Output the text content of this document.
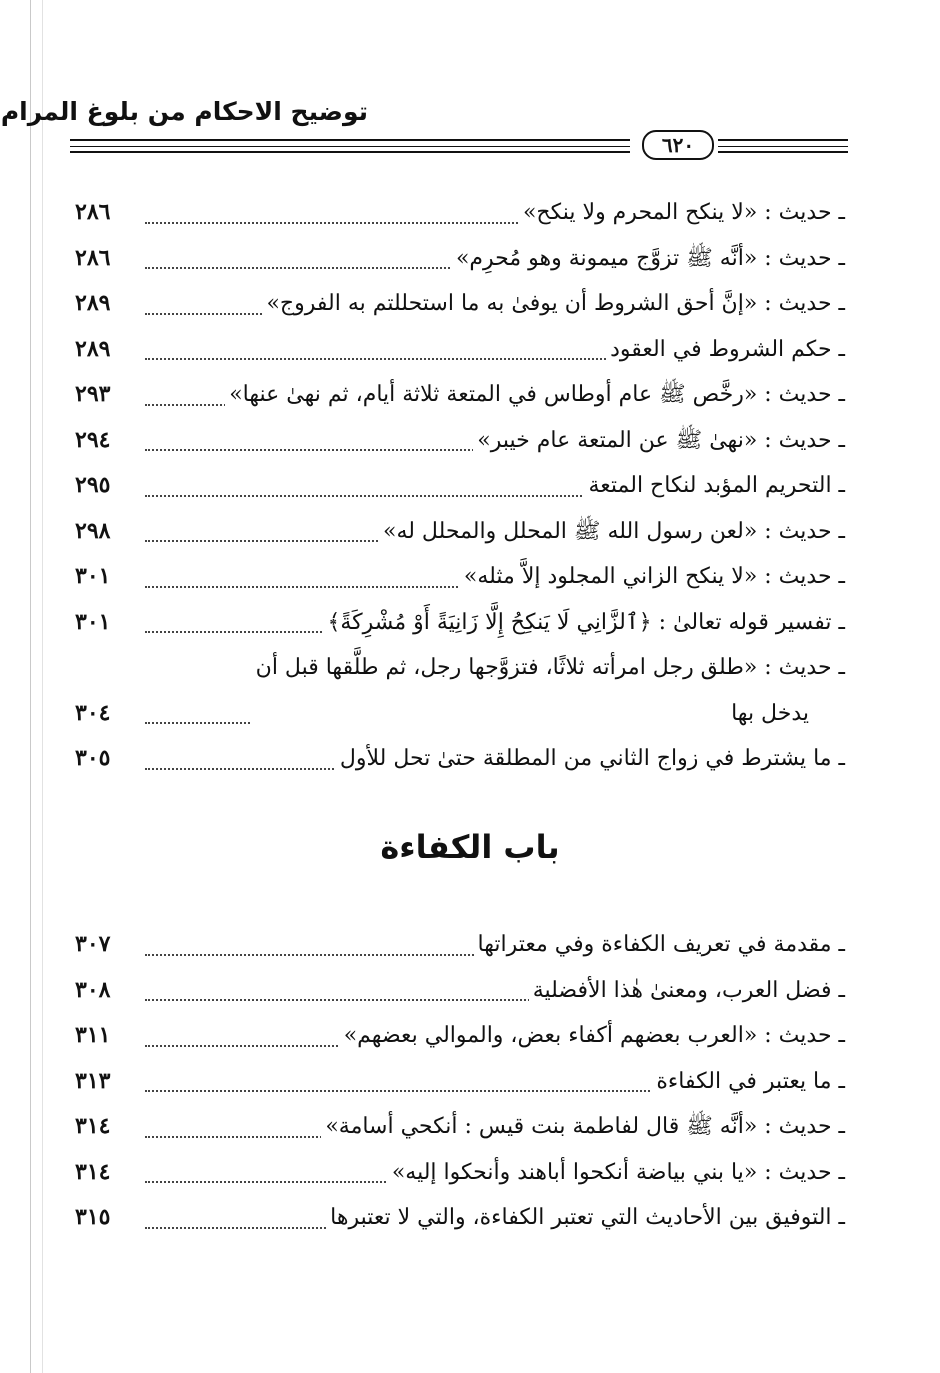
توضيح الاحكام من بلوغ المرام
٦٢٠
ـ حديث : «لا ينكح المحرم ولا ينكح»
٢٨٦
ـ حديث : «أنَّه ﷺ تزوَّج ميمونة وهو مُحرِم»
٢٨٦
ـ حديث : «إنَّ أحق الشروط أن يوفىٰ به ما استحللتم به الفروج»
٢٨٩
ـ حكم الشروط في العقود
٢٨٩
ـ حديث : «رخَّص ﷺ عام أوطاس في المتعة ثلاثة أيام، ثم نهىٰ عنها»
٢٩٣
ـ حديث : «نهىٰ ﷺ عن المتعة عام خيبر»
٢٩٤
ـ التحريم المؤبد لنكاح المتعة
٢٩٥
ـ حديث : «لعن رسول الله ﷺ المحلل والمحلل له»
٢٩٨
ـ حديث : «لا ينكح الزاني المجلود إلاَّ مثله»
٣٠١
ـ تفسير قوله تعالىٰ : ﴿ٱلزَّانِي لَا يَنكِحُ إِلَّا زَانِيَةً أَوْ مُشْرِكَةً﴾
٣٠١
ـ حديث : «طلق رجل امرأته ثلاثًا، فتزوَّجها رجل، ثم طلَّقها قبل أن
يدخل بها
٣٠٤
ـ ما يشترط في زواج الثاني من المطلقة حتىٰ تحل للأول
٣٠٥
باب الكفاءة
ـ مقدمة في تعريف الكفاءة وفي معتراتها
٣٠٧
ـ فضل العرب، ومعنىٰ هٰذا الأفضلية
٣٠٨
ـ حديث : «العرب بعضهم أكفاء بعض، والموالي بعضهم»
٣١١
ـ ما يعتبر في الكفاءة
٣١٣
ـ حديث : «أنَّه ﷺ قال لفاطمة بنت قيس : أنكحي أسامة»
٣١٤
ـ حديث : «يا بني بياضة أنكحوا أباهند وأنحكوا إليه»
٣١٤
ـ التوفيق بين الأحاديث التي تعتبر الكفاءة، والتي لا تعتبرها
٣١٥
